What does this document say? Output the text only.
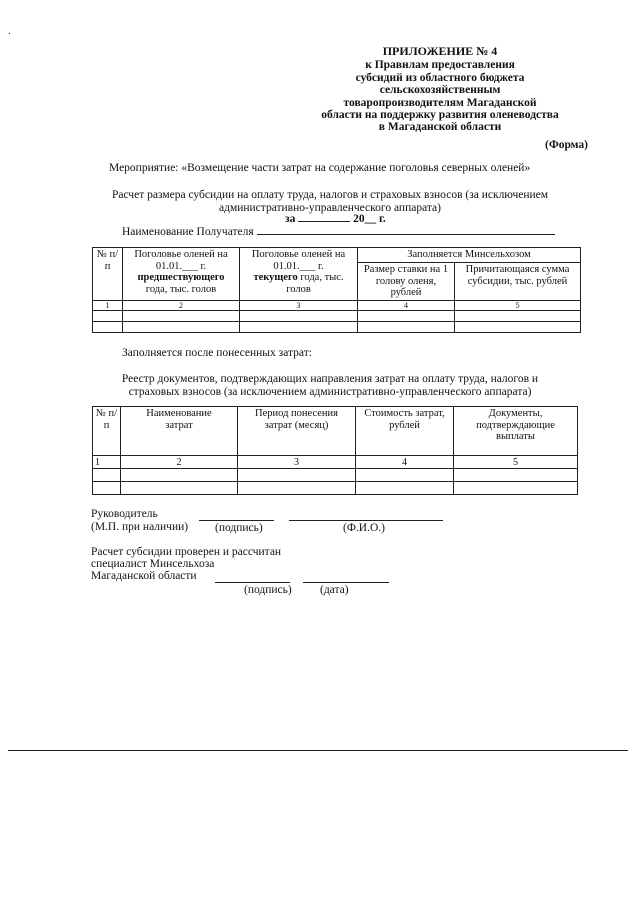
.
ПРИЛОЖЕНИЕ № 4
к Правилам предоставления
субсидий из областного бюджета
сельскохозяйственным
товаропроизводителям Магаданской
области на поддержку развития оленеводства
в Магаданской области
(Форма)
Мероприятие: «Возмещение части затрат на содержание поголовья северных оленей»
Расчет размера субсидии на оплату труда, налогов и страховых взносов (за исключением
административно-управленческого аппарата)
за	20__ г.
Наименование Получателя
№ п/п	Поголовье оленей на 01.01.___ г.
предшествующего
года, тыс. голов	Поголовье оленей на 01.01.___ г.
текущего года, тыс. голов	Заполняется Минсельхозом	
			Размер ставки на 1 голову оленя, рублей	Причитающаяся сумма субсидии, тыс. рублей
1	2	3	4	5

Заполняется после понесенных затрат:
Реестр документов, подтверждающих направления затрат на оплату труда, налогов и
страховых взносов (за исключением административно-управленческого аппарата)
№ п/п	Наименование затрат	Период понесения затрат (месяц)	Стоимость затрат, рублей	Документы, подтверждающие выплаты
1	2	3	4	5

Руководитель
(М.П. при наличии) (подпись)	(Ф.И.О.)
Расчет субсидии проверен и рассчитан
специалист Минсельхоза
Магаданской области
(подпись) (дата)
